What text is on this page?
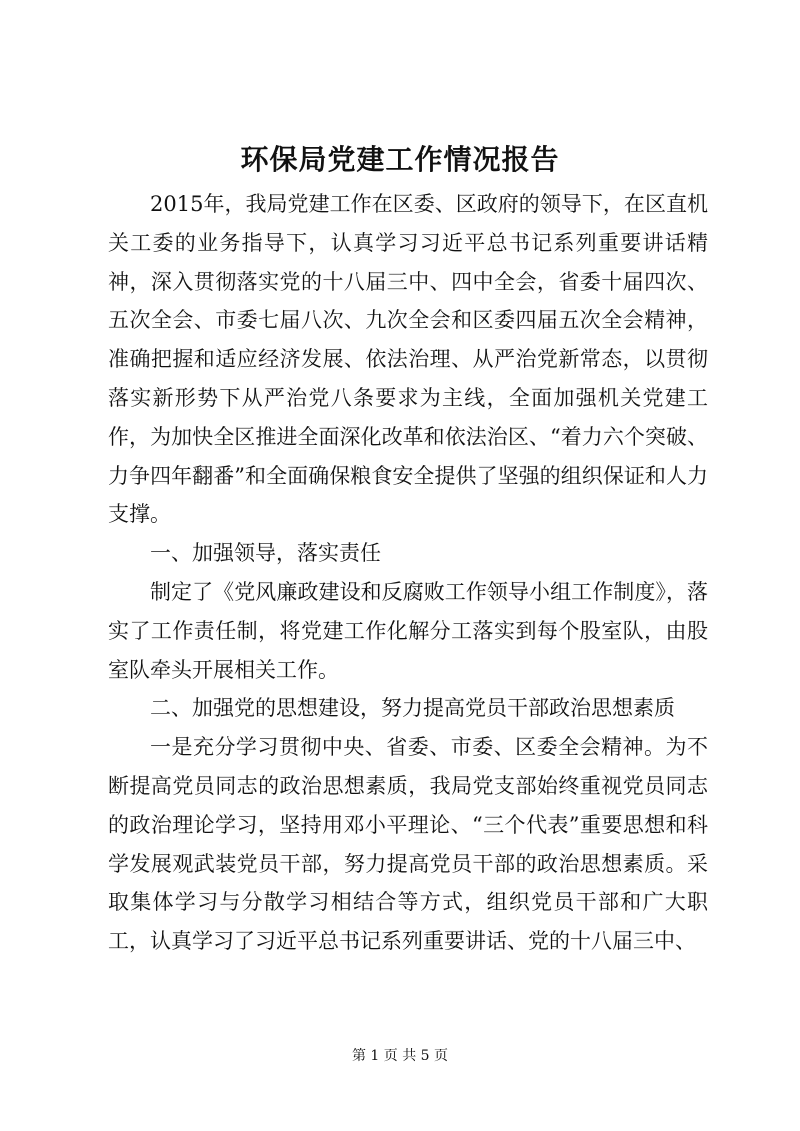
环保局党建工作情况报告

2015年，我局党建工作在区委、区政府的领导下，在区直机关工委的业务指导下，认真学习习近平总书记系列重要讲话精神，深入贯彻落实党的十八届三中、四中全会，省委十届四次、五次全会、市委七届八次、九次全会和区委四届五次全会精神，准确把握和适应经济发展、依法治理、从严治党新常态，以贯彻落实新形势下从严治党八条要求为主线，全面加强机关党建工作，为加快全区推进全面深化改革和依法治区、“着力六个突破、力争四年翻番”和全面确保粮食安全提供了坚强的组织保证和人力支撑。

一、加强领导，落实责任

制定了《党风廉政建设和反腐败工作领导小组工作制度》，落实了工作责任制，将党建工作化解分工落实到每个股室队，由股室队牵头开展相关工作。

二、加强党的思想建设，努力提高党员干部政治思想素质

一是充分学习贯彻中央、省委、市委、区委全会精神。为不断提高党员同志的政治思想素质，我局党支部始终重视党员同志的政治理论学习，坚持用邓小平理论、“三个代表”重要思想和科学发展观武装党员干部，努力提高党员干部的政治思想素质。采取集体学习与分散学习相结合等方式，组织党员干部和广大职工，认真学习了习近平总书记系列重要讲话、党的十八届三中、

第 1 页 共 5 页
